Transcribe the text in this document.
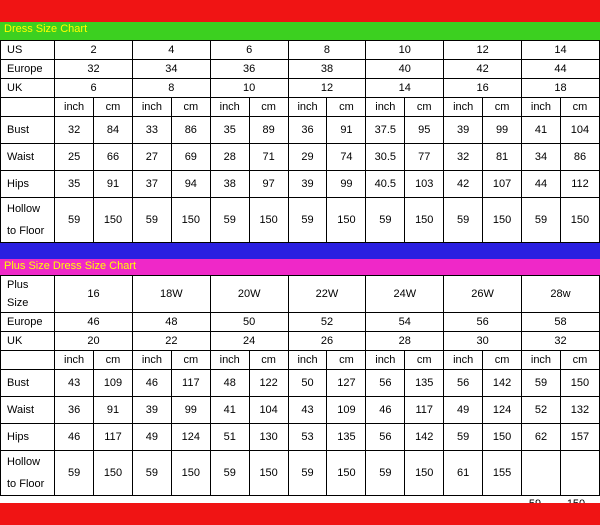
Dress Size Chart
US	2		4		6		8		10		12		14	
Europe	32		34		36		38		40		42		44	
UK	6		8		10		12		14		16		18	
	inch	cm	inch	cm	inch	cm	inch	cm	inch	cm	inch	cm	inch	cm
Bust	32	84	33	86	35	89	36	91	37.5	95	39	99	41	104
Waist	25	66	27	69	28	71	29	74	30.5	77	32	81	34	86
Hips	35	91	37	94	38	97	39	99	40.5	103	42	107	44	112
Hollow	59	150	59	150	59	150	59	150	59	150	59	150	59	150
to Floor														
Plus Size Dress Size Chart
Plus	16		18W		20W		22W		24W		26W		28w	
Size														
Europe	46		48		50		52		54		56		58	
UK	20		22		24		26		28		30		32	
	inch	cm	inch	cm	inch	cm	inch	cm	inch	cm	inch	cm	inch	cm
Bust	43	109	46	117	48	122	50	127	56	135	56	142	59	150
Waist	36	91	39	99	41	104	43	109	46	117	49	124	52	132
Hips	46	117	49	124	51	130	53	135	56	142	59	150	62	157
Hollow	59	150	59	150	59	150	59	150	59	150	61	155	59	150
to Floor														
